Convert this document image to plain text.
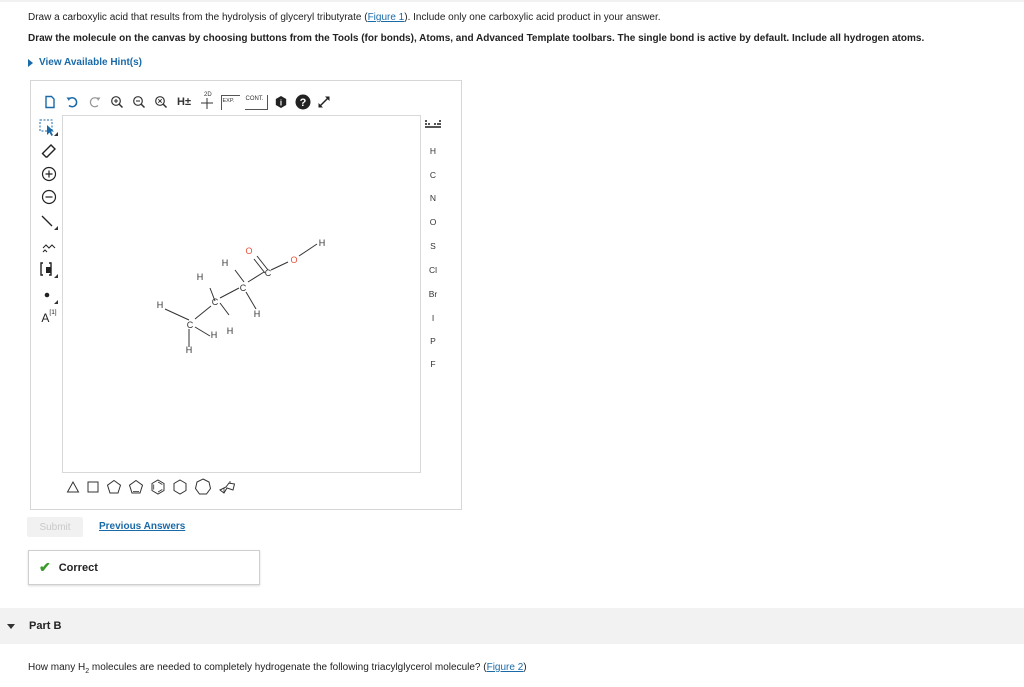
Draw a carboxylic acid that results from the hydrolysis of glyceryl tributyrate (Figure 1). Include only one carboxylic acid product in your answer.
Draw the molecule on the canvas by choosing buttons from the Tools (for bonds), Atoms, and Advanced Template toolbars. The single bond is active by default. Include all hydrogen atoms.
View Available Hint(s)
H±
2D
EXP. CONT. i ?
A [1]
H
H
C
H H
H
C
H
C
H
C
O
O
H
H
C
N
O
S
Cl
Br
I
P
F
Submit	Previous Answers
✔ Correct
Part B
How many $H_2$ molecules are needed to completely hydrogenate the following triacylglycerol molecule? (Figure 2)
